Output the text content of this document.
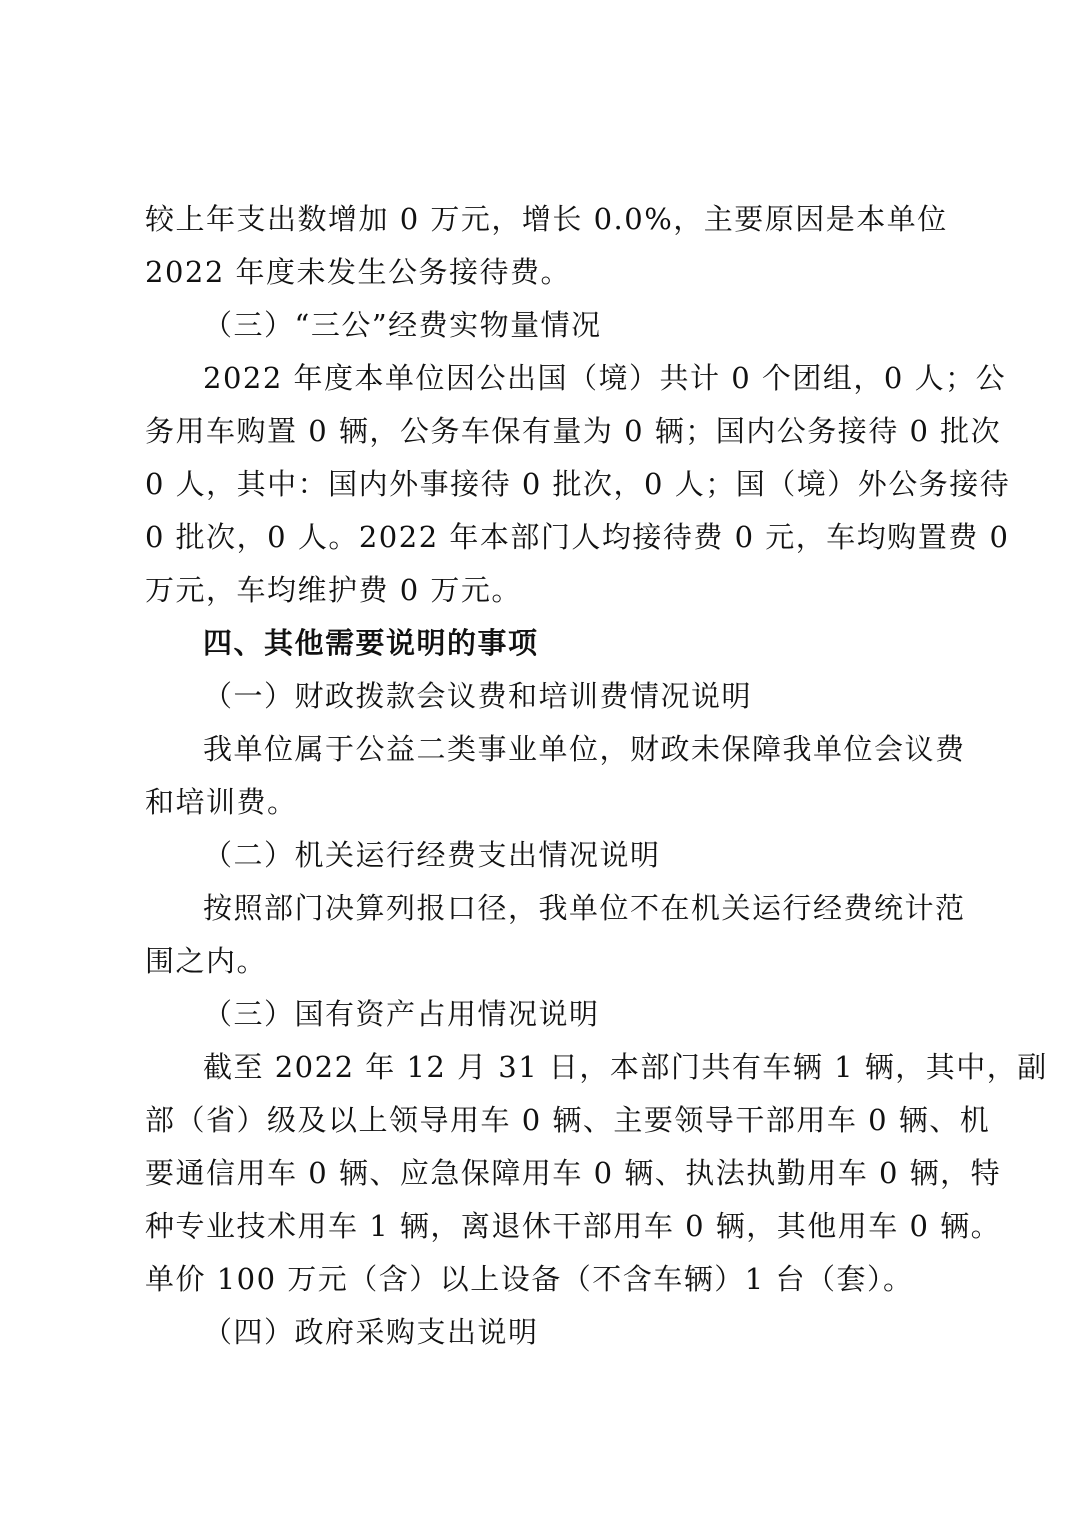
较上年支出数增加 0 万元，增长 0.0%，主要原因是本单位
2022 年度未发生公务接待费。
（三）“三公”经费实物量情况
2022 年度本单位因公出国（境）共计 0 个团组，0 人；公
务用车购置 0 辆，公务车保有量为 0 辆；国内公务接待 0 批次
0 人，其中：国内外事接待 0 批次，0 人；国（境）外公务接待
0 批次，0 人。2022 年本部门人均接待费 0 元，车均购置费 0
万元，车均维护费 0 万元。
四、其他需要说明的事项
（一）财政拨款会议费和培训费情况说明
我单位属于公益二类事业单位，财政未保障我单位会议费
和培训费。
（二）机关运行经费支出情况说明
按照部门决算列报口径，我单位不在机关运行经费统计范
围之内。
（三）国有资产占用情况说明
截至 2022 年 12 月 31 日，本部门共有车辆 1 辆，其中，副
部（省）级及以上领导用车 0 辆、主要领导干部用车 0 辆、机
要通信用车 0 辆、应急保障用车 0 辆、执法执勤用车 0 辆，特
种专业技术用车 1 辆，离退休干部用车 0 辆，其他用车 0 辆。
单价 100 万元（含）以上设备（不含车辆）1 台（套）。
（四）政府采购支出说明
